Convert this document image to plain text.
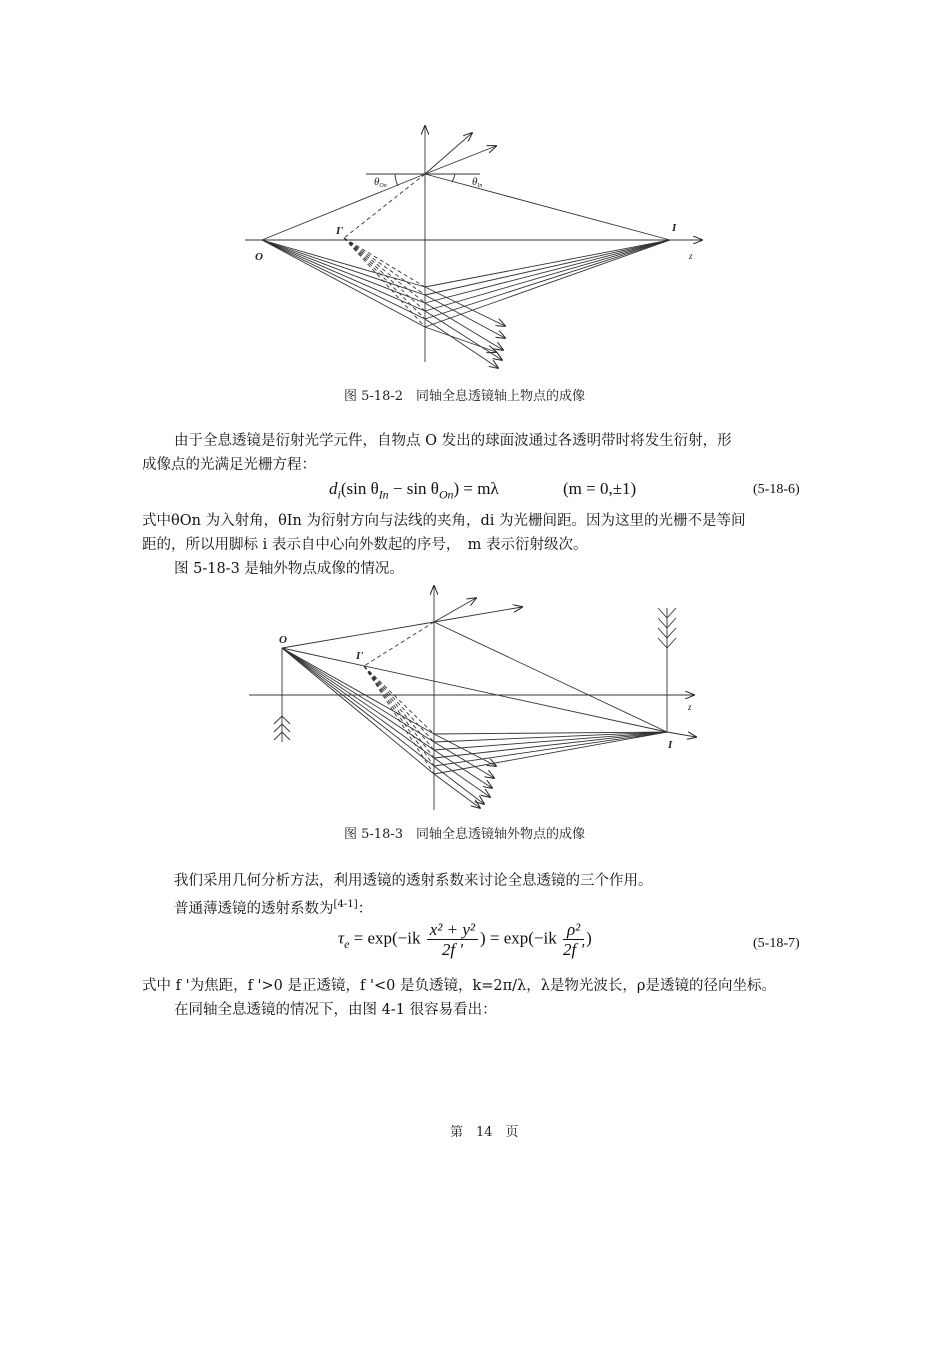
θOn	θIn
I'	I
O	z
图 5-18-2　同轴全息透镜轴上物点的成像
由于全息透镜是衍射光学元件，自物点 O 发出的球面波通过各透明带时将发生衍射，形
成像点的光满足光栅方程：
$d_i(\sin$ $\theta_{In} - \sin \theta_{On}) = m\lambda$	(m = 0,±1)	(5-18-6)
式中θOn 为入射角，θIn 为衍射方向与法线的夹角，di 为光栅间距。因为这里的光栅不是等间
距的，所以用脚标 i 表示自中心向外数起的序号，　m 表示衍射级次。
图 5-18-3 是轴外物点成像的情况。
O
I'
I
z
图 5-18-3　同轴全息透镜轴外物点的成像
我们采用几何分析方法，利用透镜的透射系数来讨论全息透镜的三个作用。
普通薄透镜的透射系数为[4-1]：
$\tau_e = \exp(-ik \frac{\text{x² + y²}}{2f '}$ ) = $\exp(-ik \frac{\text{ρ²}}{2f '}$ )	(5-18-7)
式中 f '为焦距，f '>0 是正透镜，f '<0 是负透镜，k=2π/λ，λ是物光波长，ρ是透镜的径向坐标。
在同轴全息透镜的情况下，由图 4-1 很容易看出：
第　14　页
